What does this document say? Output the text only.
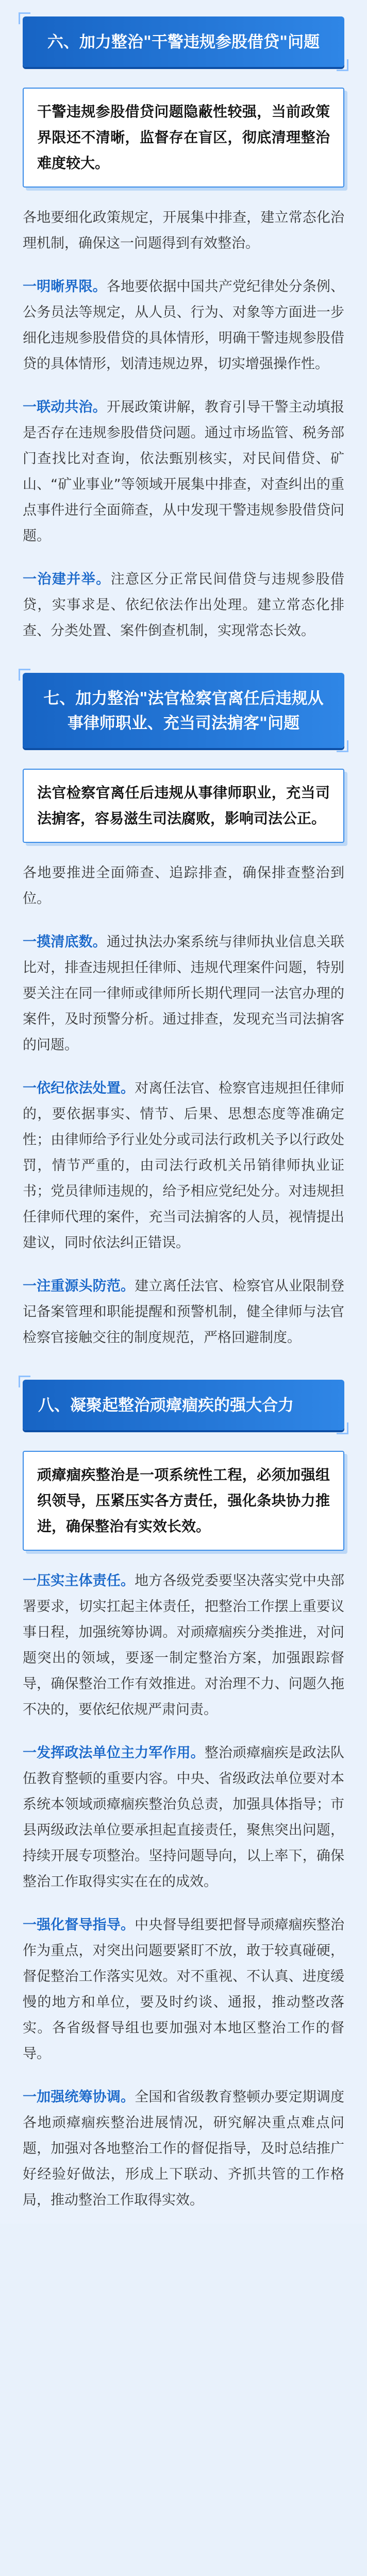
六、加力整治"干警违规参股借贷"问题

干警违规参股借贷问题隐蔽性较强，当前政策界限还不清晰，监督存在盲区，彻底清理整治难度较大。

各地要细化政策规定，开展集中排查，建立常态化治理机制，确保这一问题得到有效整治。

一明晰界限。各地要依据中国共产党纪律处分条例、公务员法等规定，从人员、行为、对象等方面进一步细化违规参股借贷的具体情形，明确干警违规参股借贷的具体情形，划清违规边界，切实增强操作性。
一联动共治。开展政策讲解，教育引导干警主动填报是否存在违规参股借贷问题。通过市场监管、税务部门查找比对查询，依法甄别核实，对民间借贷、矿山、“矿业事业”等领域开展集中排查，对查纠出的重点事件进行全面筛查，从中发现干警违规参股借贷问题。
一治建并举。注意区分正常民间借贷与违规参股借贷，实事求是、依纪依法作出处理。建立常态化排查、分类处置、案件倒查机制，实现常态长效。
七、加力整治"法官检察官离任后违规从事律师职业、充当司法掮客"问题

法官检察官离任后违规从事律师职业，充当司法掮客，容易滋生司法腐败，影响司法公正。

各地要推进全面筛查、追踪排查，确保排查整治到位。

一摸清底数。通过执法办案系统与律师执业信息关联比对，排查违规担任律师、违规代理案件问题，特别要关注在同一律师或律师所长期代理同一法官办理的案件，及时预警分析。通过排查，发现充当司法掮客的问题。
一依纪依法处置。对离任法官、检察官违规担任律师的，要依据事实、情节、后果、思想态度等准确定性；由律师给予行业处分或司法行政机关予以行政处罚，情节严重的，由司法行政机关吊销律师执业证书；党员律师违规的，给予相应党纪处分。对违规担任律师代理的案件，充当司法掮客的人员，视情提出建议，同时依法纠正错误。
一注重源头防范。建立离任法官、检察官从业限制登记备案管理和职能提醒和预警机制，健全律师与法官检察官接触交往的制度规范，严格回避制度。
八、凝聚起整治顽瘴痼疾的强大合力

顽瘴痼疾整治是一项系统性工程，必须加强组织领导，压紧压实各方责任，强化条块协力推进，确保整治有实效长效。

一压实主体责任。地方各级党委要坚决落实党中央部署要求，切实扛起主体责任，把整治工作摆上重要议事日程，加强统筹协调。对顽瘴痼疾分类推进，对问题突出的领域，要逐一制定整治方案，加强跟踪督导，确保整治工作有效推进。对治理不力、问题久拖不决的，要依纪依规严肃问责。
一发挥政法单位主力军作用。整治顽瘴痼疾是政法队伍教育整顿的重要内容。中央、省级政法单位要对本系统本领域顽瘴痼疾整治负总责，加强具体指导；市县两级政法单位要承担起直接责任，聚焦突出问题，持续开展专项整治。坚持问题导向，以上率下，确保整治工作取得实实在在的成效。
一强化督导指导。中央督导组要把督导顽瘴痼疾整治作为重点，对突出问题要紧盯不放，敢于较真碰硬，督促整治工作落实见效。对不重视、不认真、进度缓慢的地方和单位，要及时约谈、通报，推动整改落实。各省级督导组也要加强对本地区整治工作的督导。
一加强统筹协调。全国和省级教育整顿办要定期调度各地顽瘴痼疾整治进展情况，研究解决重点难点问题，加强对各地整治工作的督促指导，及时总结推广好经验好做法，形成上下联动、齐抓共管的工作格局，推动整治工作取得实效。
